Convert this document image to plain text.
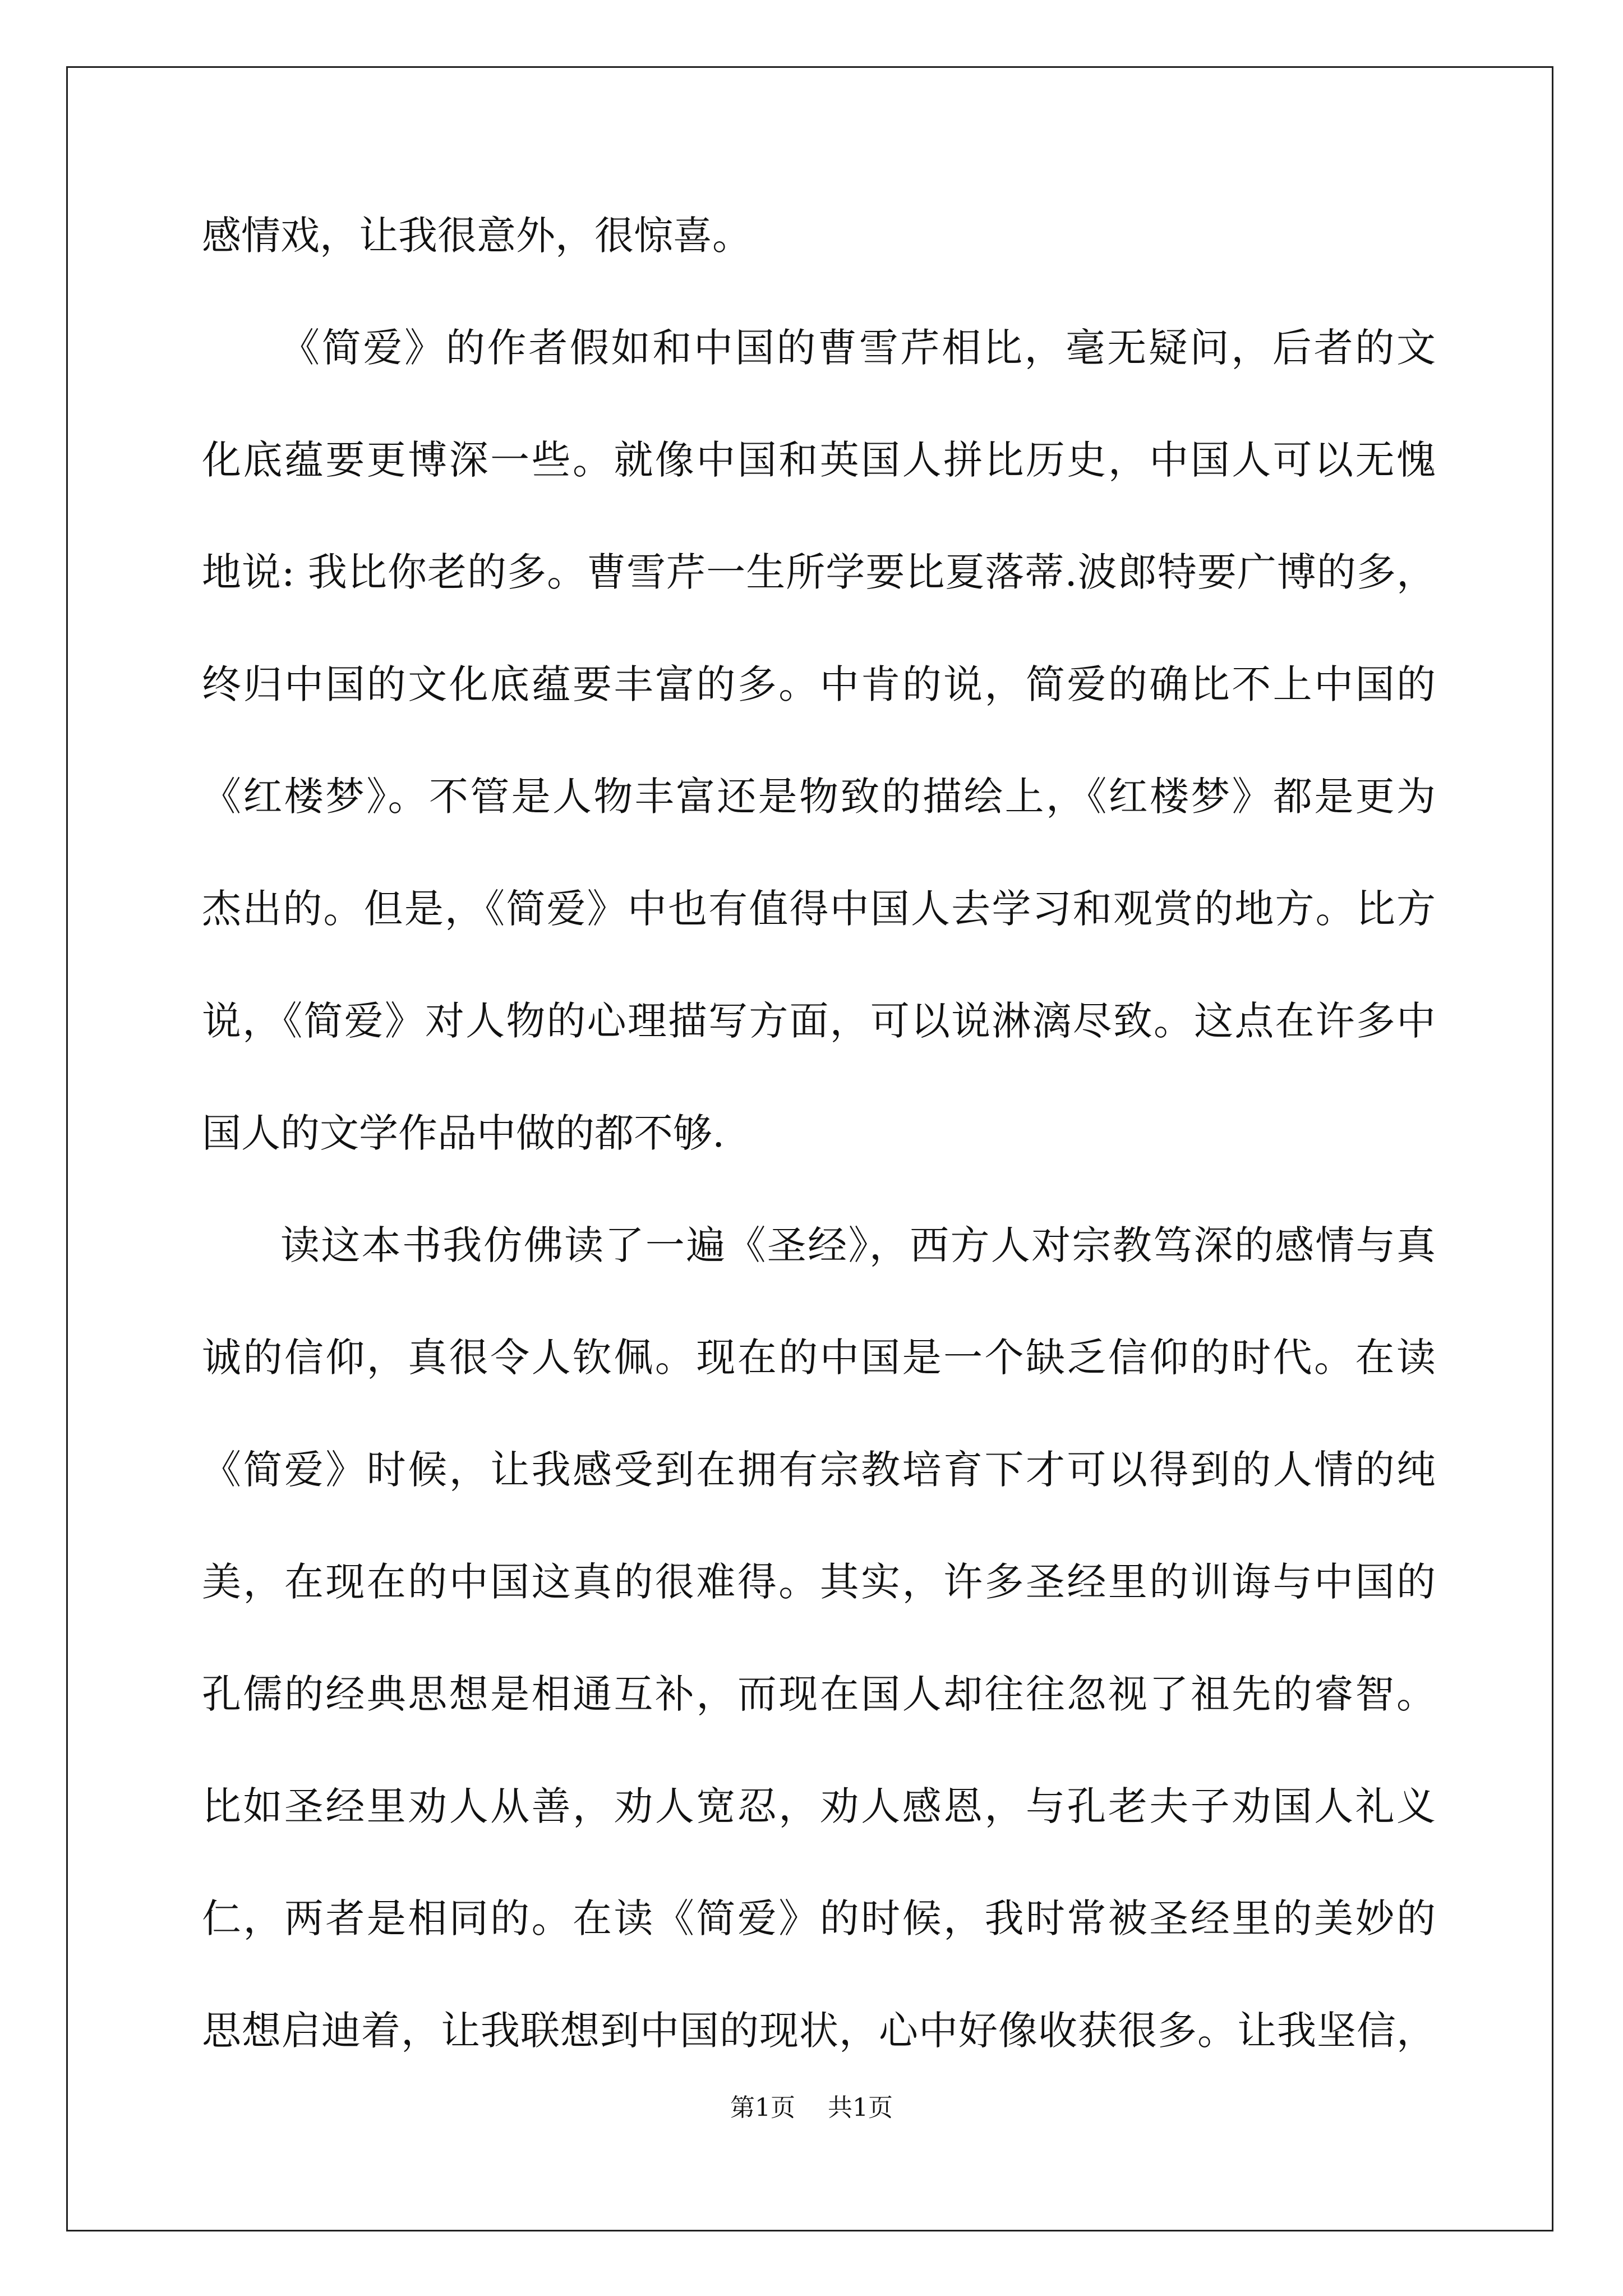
感情戏，让我很意外，很惊喜。
《简爱》的作者假如和中国的曹雪芹相比，毫无疑问，后者的文
化底蕴要更博深一些。就像中国和英国人拼比历史，中国人可以无愧
地说: 我比你老的多。曹雪芹一生所学要比夏落蒂.波郎特要广博的多，
终归中国的文化底蕴要丰富的多。中肯的说，简爱的确比不上中国的
《红楼梦》。不管是人物丰富还是物致的描绘上，《红楼梦》都是更为
杰出的。但是，《简爱》中也有值得中国人去学习和观赏的地方。比方
说，《简爱》对人物的心理描写方面，可以说淋漓尽致。这点在许多中
国人的文学作品中做的都不够.
读这本书我仿佛读了一遍《圣经》，西方人对宗教笃深的感情与真
诚的信仰，真很令人钦佩。现在的中国是一个缺乏信仰的时代。在读
《简爱》时候，让我感受到在拥有宗教培育下才可以得到的人情的纯
美，在现在的中国这真的很难得。其实，许多圣经里的训诲与中国的
孔儒的经典思想是相通互补，而现在国人却往往忽视了祖先的睿智。
比如圣经里劝人从善，劝人宽忍，劝人感恩，与孔老夫子劝国人礼义
仁，两者是相同的。在读《简爱》的时候，我时常被圣经里的美妙的
思想启迪着，让我联想到中国的现状，心中好像收获很多。让我坚信，
第1页 共1页
